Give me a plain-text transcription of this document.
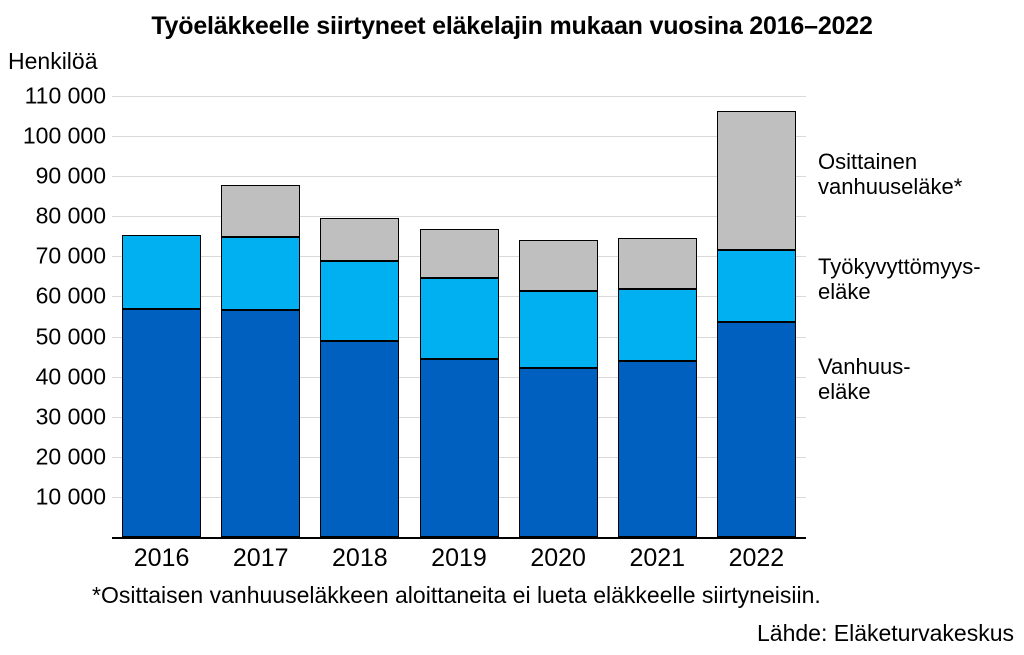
Työeläkkeelle siirtyneet eläkelajin mukaan vuosina 2016–2022
Henkilöä
110 000
100 000
90 000
80 000
70 000
60 000
50 000
40 000
30 000
20 000
10 000
2016	2017	2018	2019	2020	2021	2022
Osittainen
vanhuuseläke*
Työkyvyttömyys-
eläke
Vanhuus-
eläke
*Osittaisen vanhuuseläkkeen aloittaneita ei lueta eläkkeelle siirtyneisiin.
Lähde: Eläketurvakeskus
